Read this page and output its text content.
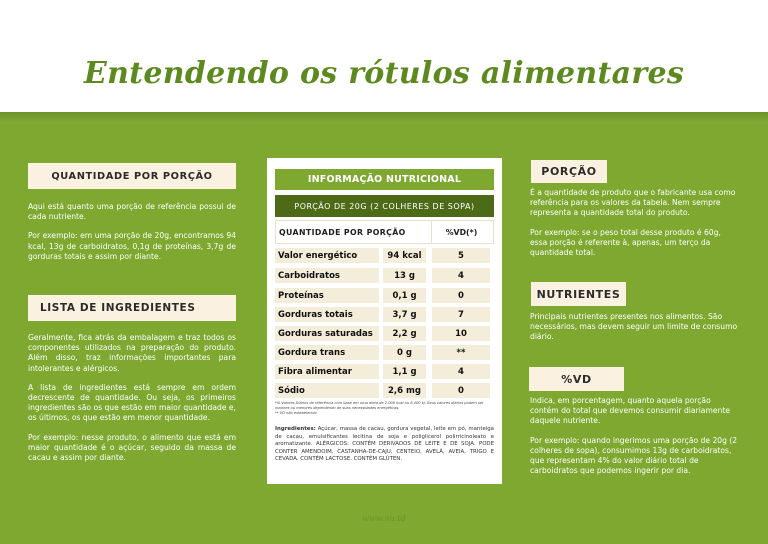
Entendendo os rótulos alimentares
QUANTIDADE POR PORÇÃO

Aqui está quanto uma porção de referência possui de cada nutriente.

Por exemplo: em uma porção de 20g, encontramos 94 kcal, 13g de carboidratos, 0,1g de proteínas, 3,7g de gorduras totais e assim por diante.

LISTA DE INGREDIENTES

Geralmente, fica atrás da embalagem e traz todos os componentes utilizados na preparação do produto. Além disso, traz informações importantes para intolerantes e alérgicos.

A lista de ingredientes está sempre em ordem decrescente de quantidade. Ou seja, os primeiros ingredientes são os que estão em maior quantidade e, os últimos, os que estão em menor quantidade.

Por exemplo: nesse produto, o alimento que está em maior quantidade é o açúcar, seguido da massa de cacau e assim por diante.

INFORMAÇÃO NUTRICIONAL
PORÇÃO DE 20G (2 COLHERES DE SOPA)
QUANTIDADE POR PORÇÃO	%VD(*)
Valor energético	94 kcal	5
Carboidratos	13 g	4
Proteínas	0,1 g	0
Gorduras totais	3,7 g	7
Gorduras saturadas	2,2 g	10
Gordura trans	0 g	**
Fibra alimentar	1,1 g	4
Sódio	2,6 mg	0
*% Valores Diários de referência com base em uma dieta de 2.000 kcal ou 8.400 kJ. Seus valores diários podem ser maiores ou menores dependendo de suas necessidades energéticas.
** VD não estabelecido
Ingredientes: Açúcar, massa de cacau, gordura vegetal, leite em pó, manteiga de cacau, emulsificantes lecitina de soja e poliglicerol polirricinoleato e aromatizante. ALÉRGICOS: CONTÉM DERIVADOS DE LEITE E DE SOJA. PODE CONTER AMENDOIM, CASTANHA-DE-CAJU, CENTEIO, AVELÃ, AVEIA, TRIGO E CEVADA. CONTÉM LACTOSE. CONTÉM GLÚTEN.
PORÇÃO

É a quantidade de produto que o fabricante usa como referência para os valores da tabela. Nem sempre representa a quantidade total do produto.

Por exemplo: se o peso total desse produto é 60g, essa porção é referente à, apenas, um terço da quantidade total.

NUTRIENTES

Principais nutrientes presentes nos alimentos. São necessários, mas devem seguir um limite de consumo diário.

%VD

Indica, em porcentagem, quanto aquela porção contém do total que devemos consumir diariamente daquele nutriente.

Por exemplo: quando ingerimos uma porção de 20g (2 colheres de sopa), consumimos 13g de carboidratos, que representam 4% do valor diário total de carboidratos que podemos ingerir por dia.

www.nu.td
